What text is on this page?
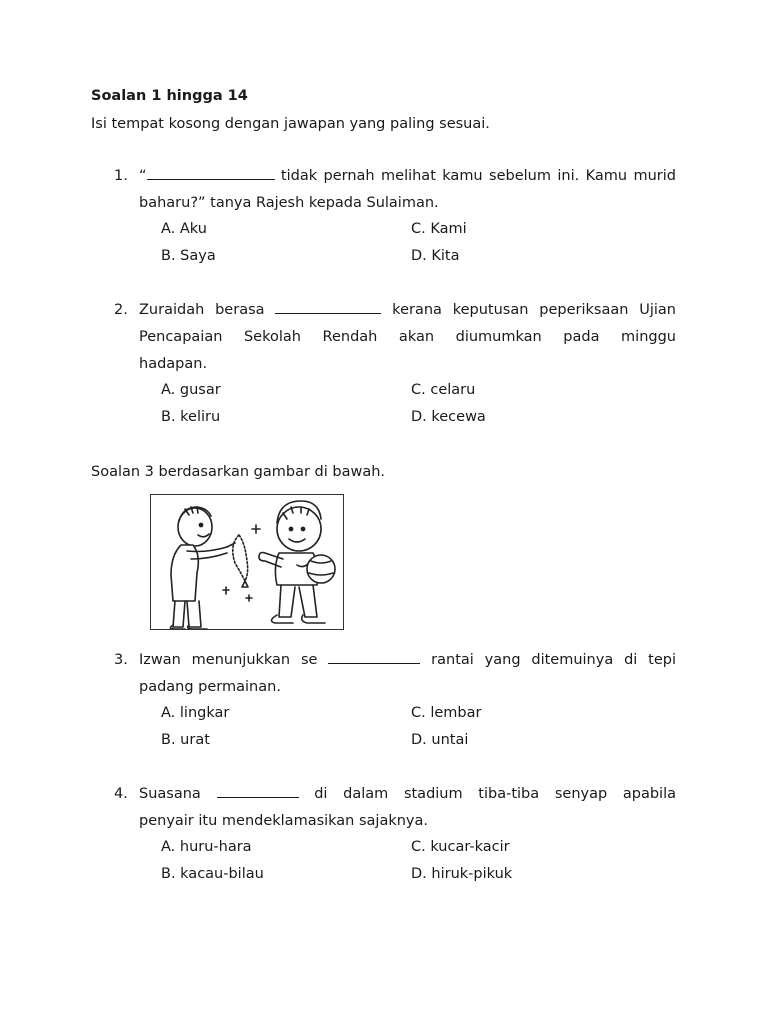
Soalan 1 hingga 14
Isi tempat kosong dengan jawapan yang paling sesuai.
1. “	tidak pernah melihat kamu sebelum ini. Kamu murid
baharu?” tanya Rajesh kepada Sulaiman.
A. Aku	C. Kami
B. Saya	D. Kita
2. Zuraidah berasa	kerana keputusan peperiksaan Ujian
Pencapaian Sekolah Rendah akan diumumkan pada minggu
hadapan.
A. gusar	C. celaru
B. keliru	D. kecewa
Soalan 3 berdasarkan gambar di bawah.
3. Izwan menunjukkan se	rantai yang ditemuinya di tepi
padang permainan.
A. lingkar	C. lembar
B. urat	D. untai
4. Suasana	di dalam stadium tiba-tiba senyap apabila
penyair itu mendeklamasikan sajaknya.
A. huru-hara	C. kucar-kacir
B. kacau-bilau	D. hiruk-pikuk
